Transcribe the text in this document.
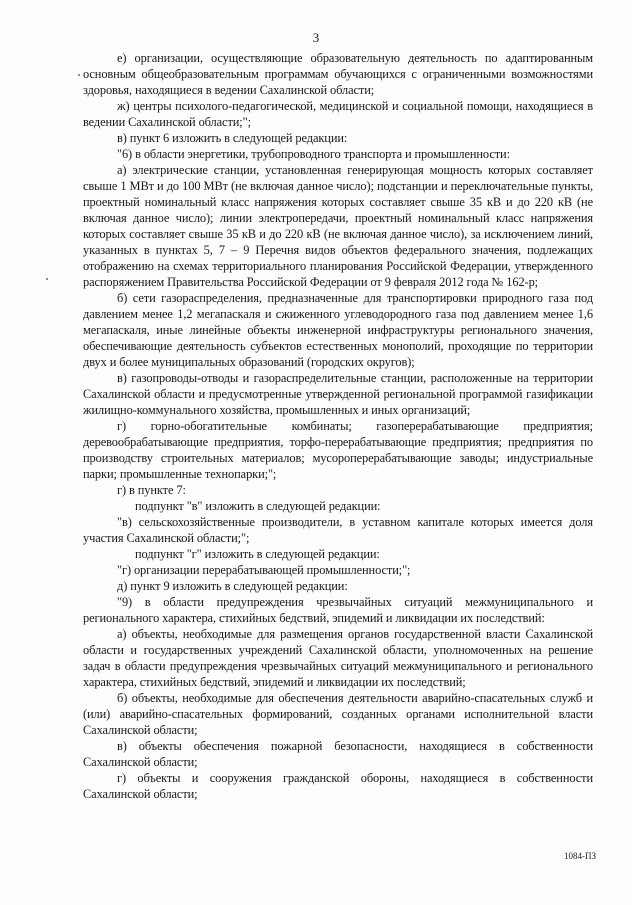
3

е) организации, осуществляющие образовательную деятельность по адаптированным основным общеобразовательным программам обучающихся с ограниченными возможностями здоровья, находящиеся в ведении Сахалинской области;

ж) центры психолого-педагогической, медицинской и социальной помощи, находящиеся в ведении Сахалинской области;";

в) пункт 6 изложить в следующей редакции:

"6) в области энергетики, трубопроводного транспорта и промышленности:

а) электрические станции, установленная генерирующая мощность которых составляет свыше 1 МВт и до 100 МВт (не включая данное число); подстанции и переключательные пункты, проектный номинальный класс напряжения которых составляет свыше 35 кВ и до 220 кВ (не включая данное число); линии электропередачи, проектный номинальный класс напряжения которых составляет свыше 35 кВ и до 220 кВ (не включая данное число), за исключением линий, указанных в пунктах 5, 7 – 9 Перечня видов объектов федерального значения, подлежащих отображению на схемах территориального планирования Российской Федерации, утвержденного распоряжением Правительства Российской Федерации от 9 февраля 2012 года № 162-р;

б) сети газораспределения, предназначенные для транспортировки природного газа под давлением менее 1,2 мегапаскаля и сжиженного углеводородного газа под давлением менее 1,6 мегапаскаля, иные линейные объекты инженерной инфраструктуры регионального значения, обеспечивающие деятельность субъектов естественных монополий, проходящие по территории двух и более муниципальных образований (городских округов);

в) газопроводы-отводы и газораспределительные станции, расположенные на территории Сахалинской области и предусмотренные утвержденной региональной программой газификации жилищно-коммунального хозяйства, промышленных и иных организаций;

г) горно-обогатительные комбинаты; газоперерабатывающие предприятия; деревообрабатывающие предприятия, торфо-перерабатывающие предприятия; предприятия по производству строительных материалов; мусороперерабатывающие заводы; индустриальные парки; промышленные технопарки;";

г) в пункте 7:

подпункт "в" изложить в следующей редакции:

"в) сельскохозяйственные производители, в уставном капитале которых имеется доля участия Сахалинской области;";

подпункт "г" изложить в следующей редакции:

"г) организации перерабатывающей промышленности;";

д) пункт 9 изложить в следующей редакции:

"9) в области предупреждения чрезвычайных ситуаций межмуниципального и регионального характера, стихийных бедствий, эпидемий и ликвидации их последствий:

а) объекты, необходимые для размещения органов государственной власти Сахалинской области и государственных учреждений Сахалинской области, уполномоченных на решение задач в области предупреждения чрезвычайных ситуаций межмуниципального и регионального характера, стихийных бедствий, эпидемий и ликвидации их последствий;

б) объекты, необходимые для обеспечения деятельности аварийно-спасательных служб и (или) аварийно-спасательных формирований, созданных органами исполнительной власти Сахалинской области;

в) объекты обеспечения пожарной безопасности, находящиеся в собственности Сахалинской области;

г) объекты и сооружения гражданской обороны, находящиеся в собственности Сахалинской области;

1084-ПЗ
